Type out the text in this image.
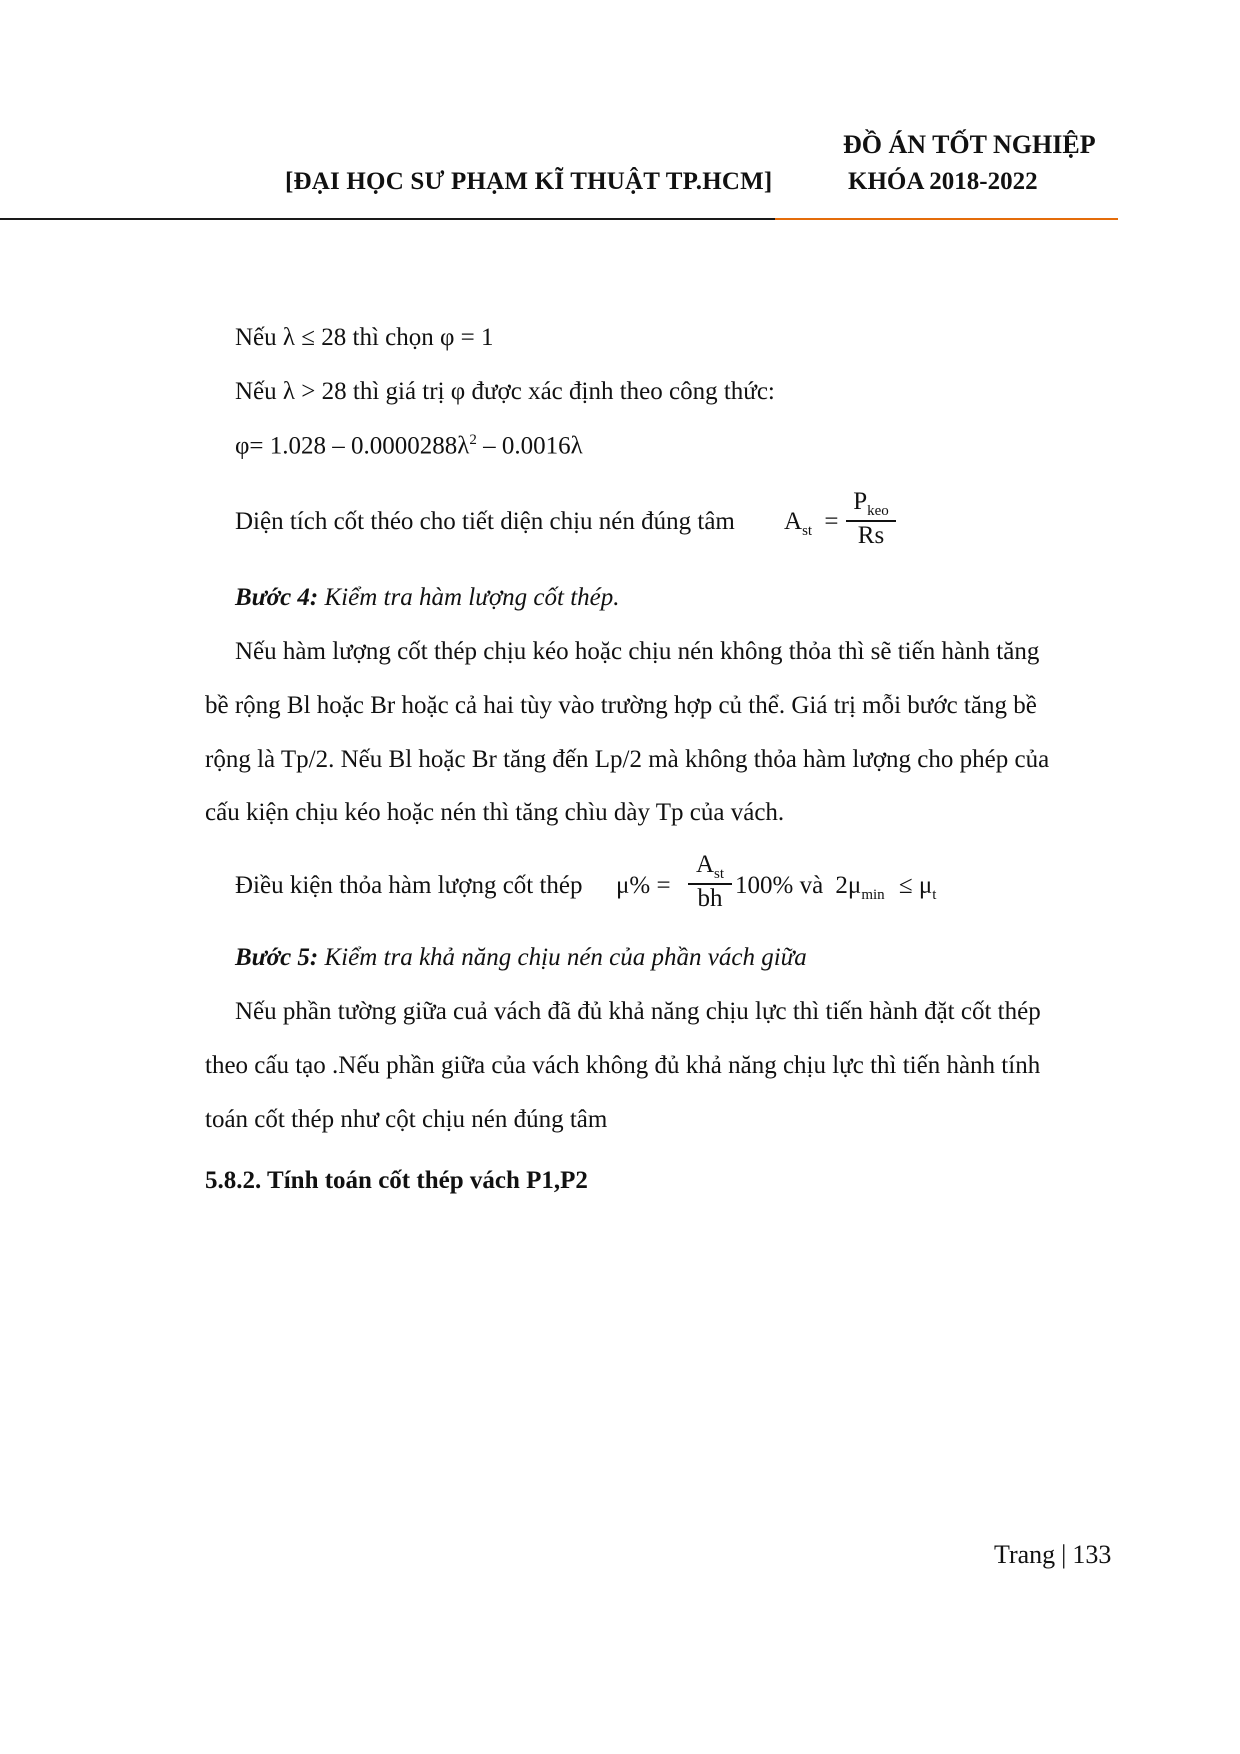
[ĐẠI HỌC SƯ PHẠM KĨ THUẬT TP.HCM]
ĐỒ ÁN TỐT NGHIỆP
KHÓA 2018-2022
Nếu λ ≤ 28 thì chọn φ = 1
Nếu λ > 28 thì giá trị φ được xác định theo công thức:
$\varphi= 1.028 - 0.0000288\lambda^2 - 0.0016\lambda$
Diện tích cốt théo cho tiết diện chịu nén đúng tâm $A_{st}$ =
$P_{keo}$
Rs
Bước 4: Kiểm tra hàm lượng cốt thép.
Nếu hàm lượng cốt thép chịu kéo hoặc chịu nén không thỏa thì sẽ tiến hành tăng
bề rộng Bl hoặc Br hoặc cả hai tùy vào trường hợp củ thể. Giá trị mỗi bước tăng bề
rộng là Tp/2. Nếu Bl hoặc Br tăng đến Lp/2 mà không thỏa hàm lượng cho phép của
cấu kiện chịu kéo hoặc nén thì tăng chìu dày Tp của vách.
Điều kiện thỏa hàm lượng cốt thép μ% =
$A_{st}$
bh 100% và $2\mu_{min} \le \mu_t$
Bước 5: Kiểm tra khả năng chịu nén của phần vách giữa
Nếu phần tường giữa cuả vách đã đủ khả năng chịu lực thì tiến hành đặt cốt thép
theo cấu tạo .Nếu phần giữa của vách không đủ khả năng chịu lực thì tiến hành tính
toán cốt thép như cột chịu nén đúng tâm
5.8.2. Tính toán cốt thép vách P1,P2
Trang | 133
